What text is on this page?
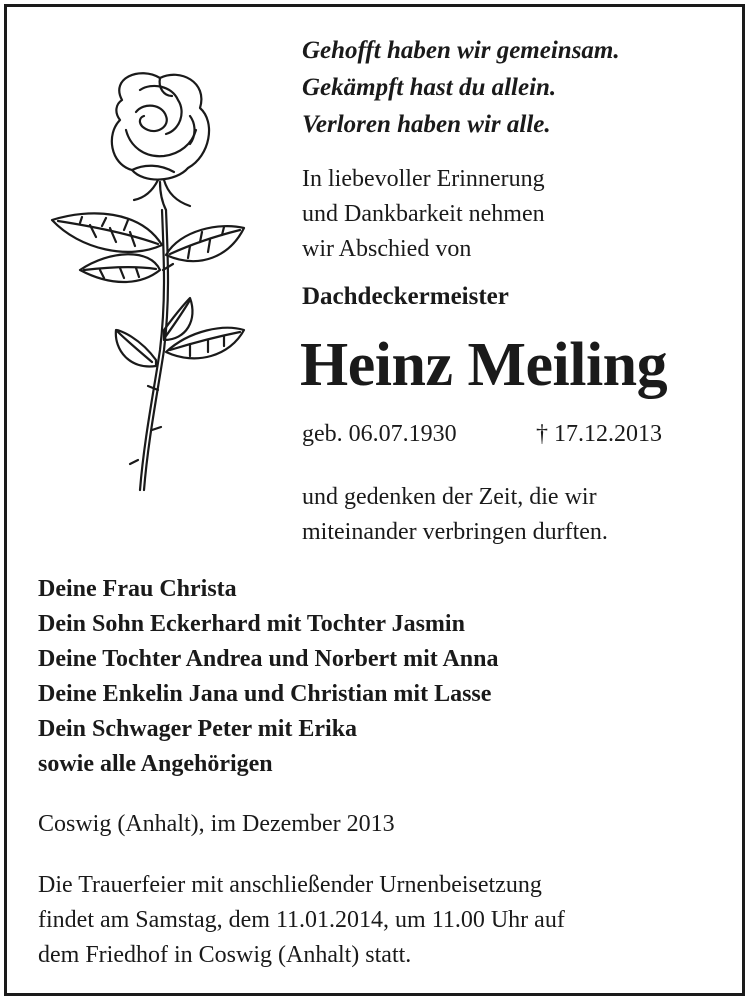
Gehofft haben wir gemeinsam.
Gekämpft hast du allein.
Verloren haben wir alle.
In liebevoller Erinnerung
und Dankbarkeit nehmen
wir Abschied von
Dachdeckermeister
Heinz Meiling
geb. 06.07.1930	† 17.12.2013
und gedenken der Zeit, die wir
miteinander verbringen durften.
Deine Frau Christa
Dein Sohn Eckerhard mit Tochter Jasmin
Deine Tochter Andrea und Norbert mit Anna
Deine Enkelin Jana und Christian mit Lasse
Dein Schwager Peter mit Erika
sowie alle Angehörigen
Coswig (Anhalt), im Dezember 2013
Die Trauerfeier mit anschließender Urnenbeisetzung
findet am Samstag, dem 11.01.2014, um 11.00 Uhr auf
dem Friedhof in Coswig (Anhalt) statt.
